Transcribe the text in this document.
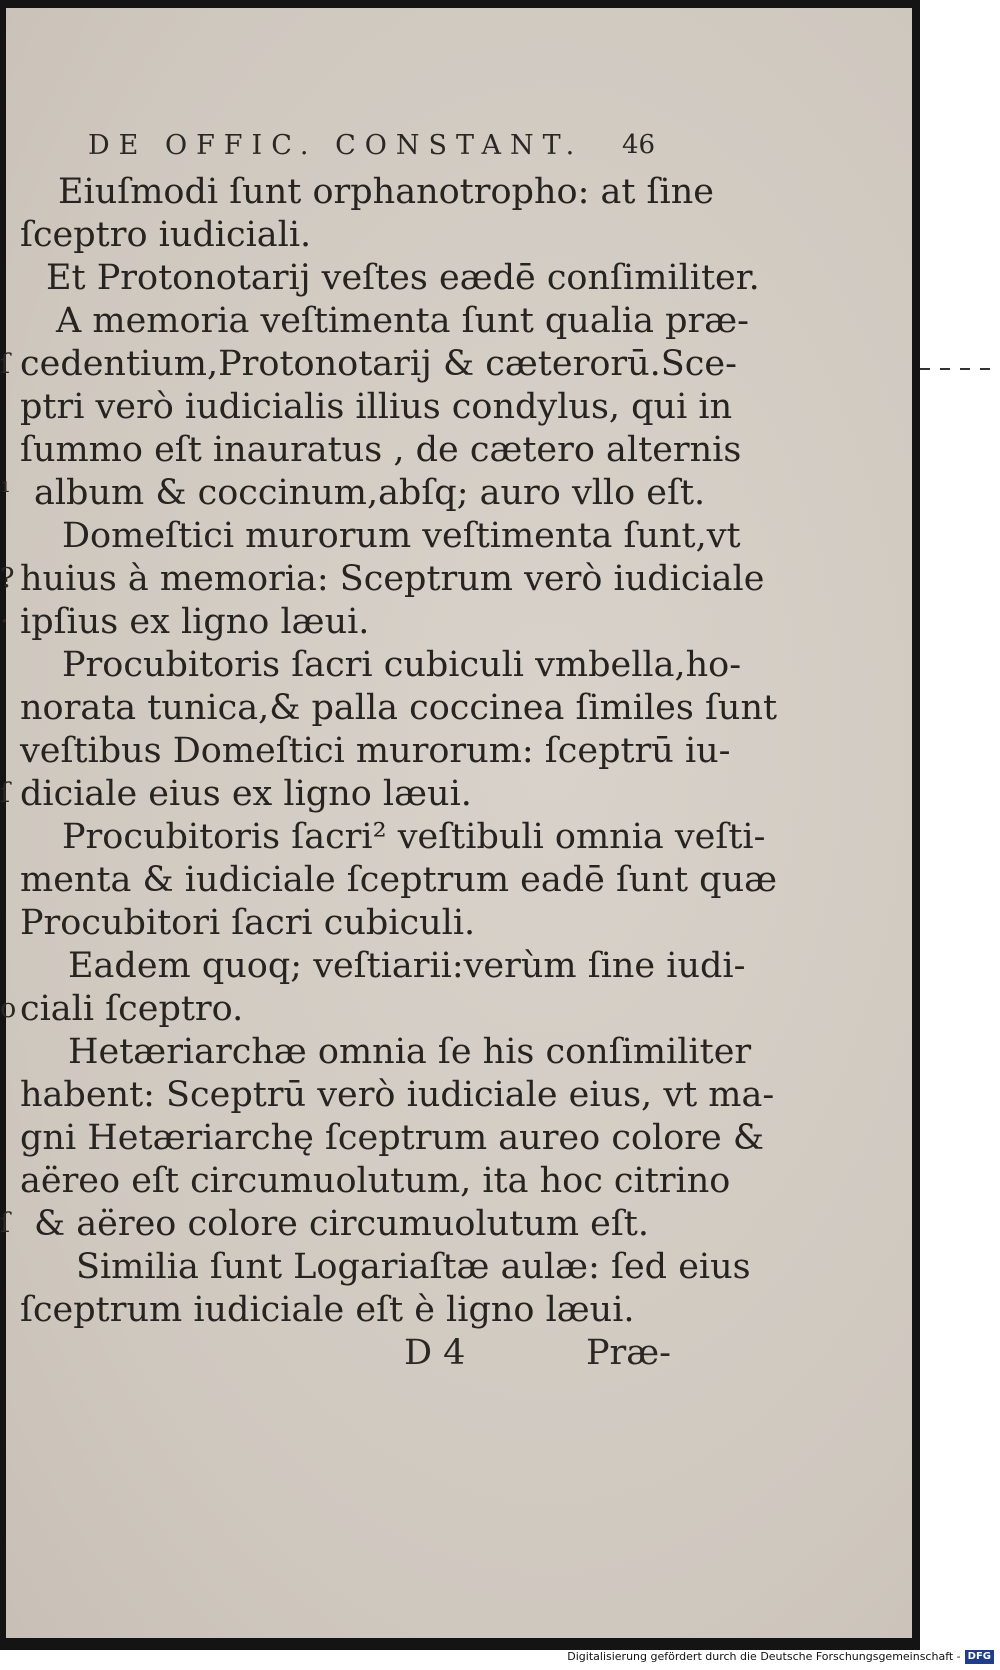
DE OFFIC. CONSTANT.	46
Eiuſmodi ſunt orphanotropho: at ſine
ſceptro iudiciali.
Et Protonotarij veſtes eædē conſimiliter.
A memoria veſtimenta ſunt qualia præ-
cedentium,Protonotarij & cæterorū.Sce-
ptri verò iudicialis illius condylus, qui in
ſummo eſt inauratus , de cætero alternis
album & coccinum,abſq; auro vllo eſt.
Domeſtici murorum veſtimenta ſunt,vt
huius à memoria: Sceptrum verò iudiciale
ipſius ex ligno læui.
Procubitoris ſacri cubiculi vmbella,ho-
norata tunica,& palla coccinea ſimiles ſunt
veſtibus Domeſtici murorum: ſceptrū iu-
diciale eius ex ligno læui.
Procubitoris ſacri² veſtibuli omnia veſti-
menta & iudiciale ſceptrum eadē ſunt quæ
Procubitori ſacri cubiculi.
Eadem quoq; veſtiarii:verùm ſine iudi-
ciali ſceptro.
Hetæriarchæ omnia ſe his conſimiliter
habent: Sceptrū verò iudiciale eius, vt ma-
gni Hetæriarchę ſceptrum aureo colore &
aëreo eſt circumuolutum, ita hoc citrino
& aëreo colore circumuolutum eſt.
Similia ſunt Logariaſtæ aulæ: ſed eius
ſceptrum iudiciale eſt è ligno læui.
ſ
¹
?
·
ſ
o
ſ
D 4	Præ-
Digitalisierung gefördert durch die Deutsche Forschungsgemeinschaft - DFG
